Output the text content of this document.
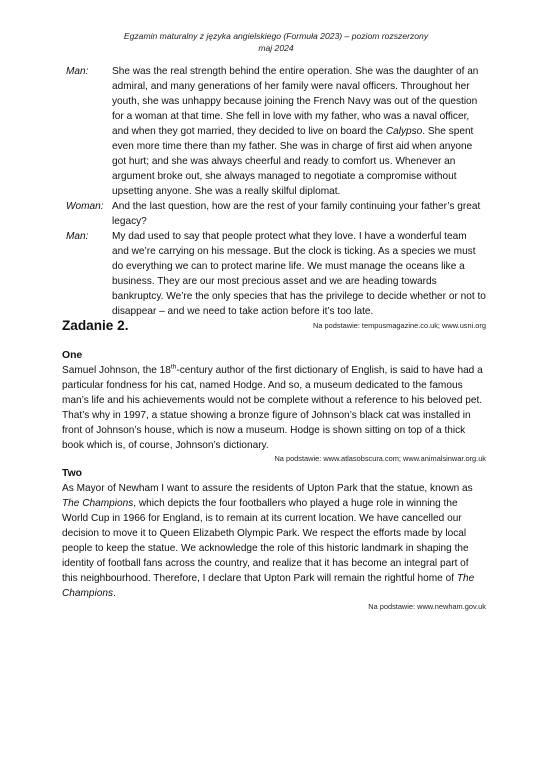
Egzamin maturalny z języka angielskiego (Formuła 2023) – poziom rozszerzony
maj 2024
Man:	She was the real strength behind the entire operation. She was the daughter of an admiral, and many generations of her family were naval officers. Throughout her youth, she was unhappy because joining the French Navy was out of the question for a woman at that time. She fell in love with my father, who was a naval officer, and when they got married, they decided to live on board the Calypso. She spent even more time there than my father. She was in charge of first aid when anyone got hurt; and she was always cheerful and ready to comfort us. Whenever an argument broke out, she always managed to negotiate a compromise without upsetting anyone. She was a really skilful diplomat.
Woman: And the last question, how are the rest of your family continuing your father’s great legacy?
Man:	My dad used to say that people protect what they love. I have a wonderful team and we’re carrying on his message. But the clock is ticking. As a species we must do everything we can to protect marine life. We must manage the oceans like a business. They are our most precious asset and we are heading towards bankruptcy. We’re the only species that has the privilege to decide whether or not to disappear – and we need to take action before it’s too late.
Na podstawie: tempusmagazine.co.uk; www.usni.org
Zadanie 2.
One

Samuel Johnson, the 18th-century author of the first dictionary of English, is said to have had a particular fondness for his cat, named Hodge. And so, a museum dedicated to the famous man’s life and his achievements would not be complete without a reference to his beloved pet. That’s why in 1997, a statue showing a bronze figure of Johnson’s black cat was installed in front of Johnson’s house, which is now a museum. Hodge is shown sitting on top of a thick book which is, of course, Johnson’s dictionary.

Na podstawie: www.atlasobscura.com; www.animalsinwar.org.uk
Two

As Mayor of Newham I want to assure the residents of Upton Park that the statue, known as The Champions, which depicts the four footballers who played a huge role in winning the World Cup in 1966 for England, is to remain at its current location. We have cancelled our decision to move it to Queen Elizabeth Olympic Park. We respect the efforts made by local people to keep the statue. We acknowledge the role of this historic landmark in shaping the identity of football fans across the country, and realize that it has become an integral part of this neighbourhood. Therefore, I declare that Upton Park will remain the rightful home of The Champions.

Na podstawie: www.newham.gov.uk
